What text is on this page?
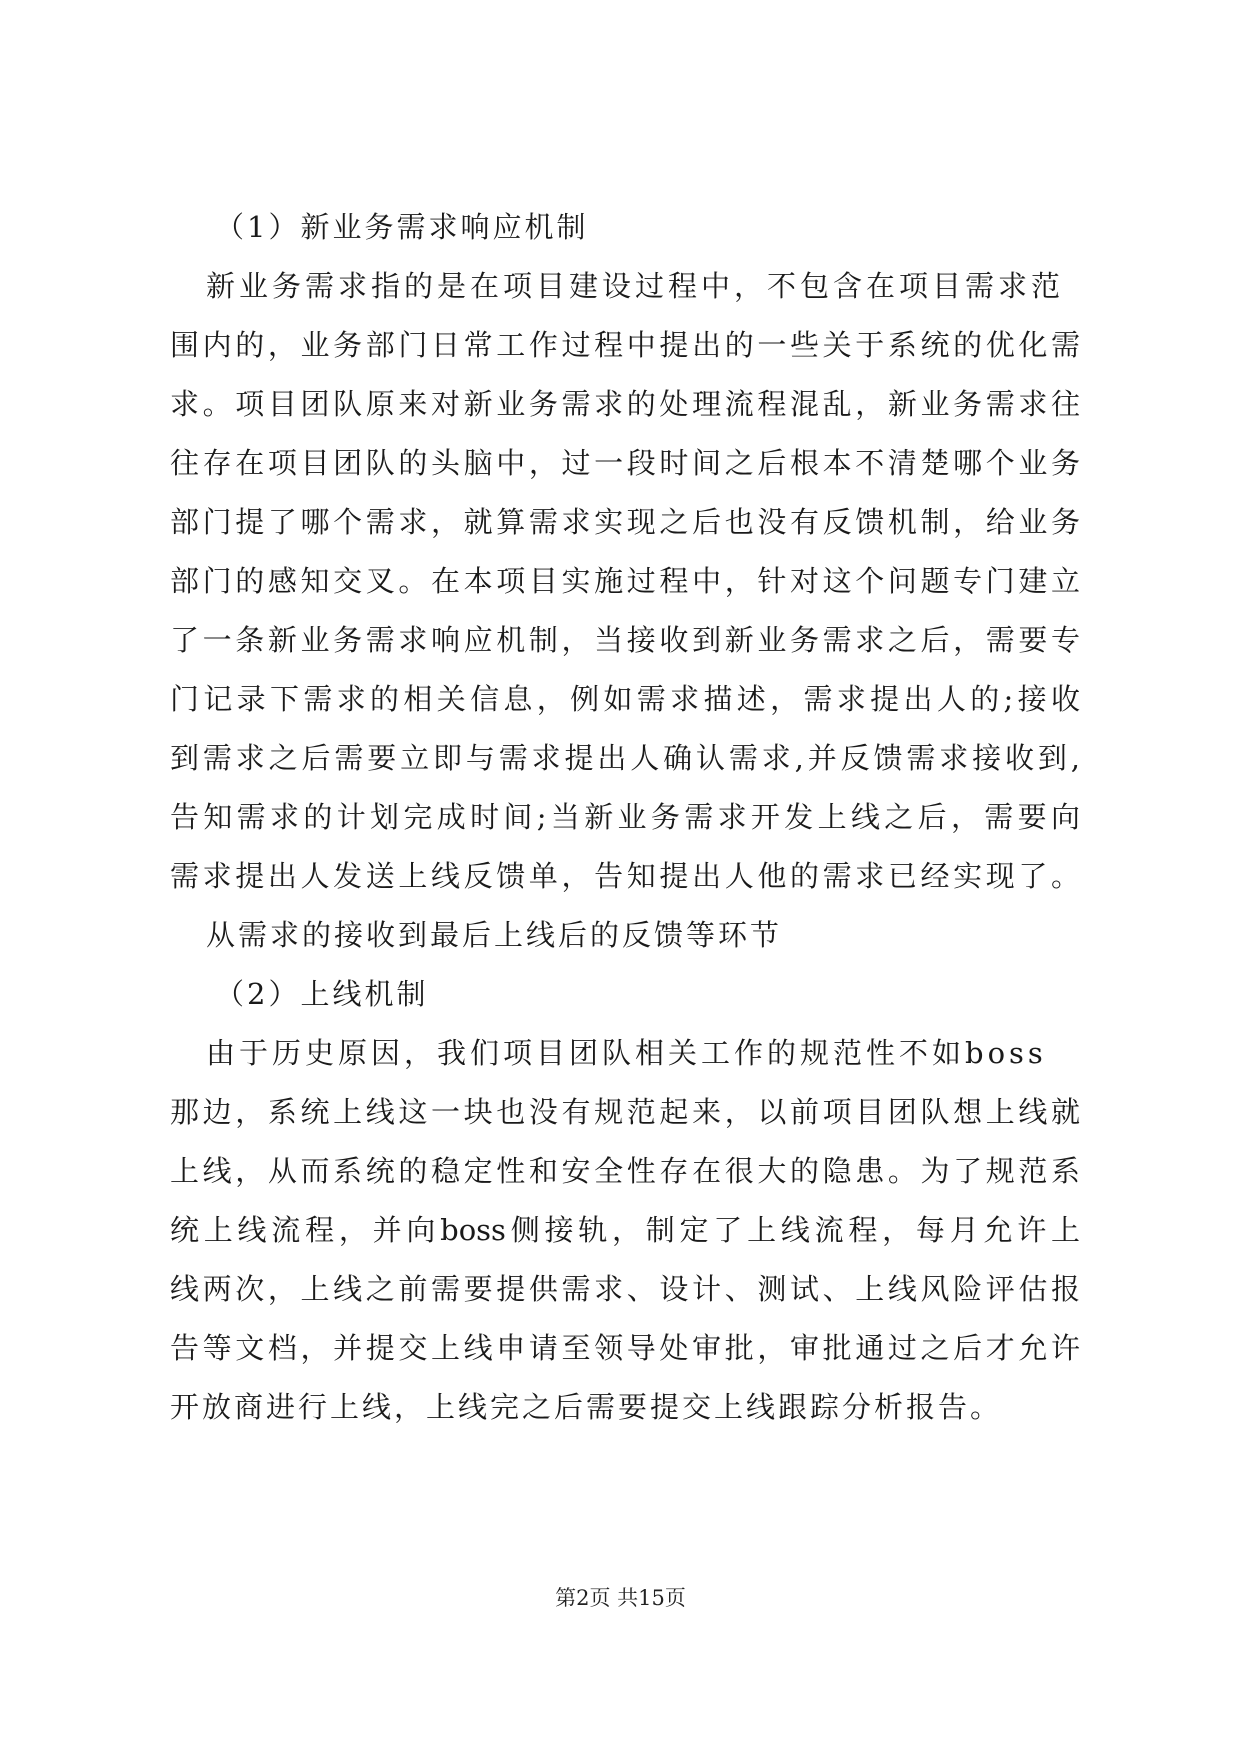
（1）新业务需求响应机制
新业务需求指的是在项目建设过程中，不包含在项目需求范
围内的，业务部门日常工作过程中提出的一些关于系统的优化需
求。项目团队原来对新业务需求的处理流程混乱，新业务需求往
往存在项目团队的头脑中，过一段时间之后根本不清楚哪个业务
部门提了哪个需求，就算需求实现之后也没有反馈机制，给业务
部门的感知交叉。在本项目实施过程中，针对这个问题专门建立
了一条新业务需求响应机制，当接收到新业务需求之后，需要专
门记录下需求的相关信息，例如需求描述，需求提出人的;接收
到需求之后需要立即与需求提出人确认需求,并反馈需求接收到,
告知需求的计划完成时间;当新业务需求开发上线之后，需要向
需求提出人发送上线反馈单，告知提出人他的需求已经实现了。
从需求的接收到最后上线后的反馈等环节
（2）上线机制
由于历史原因，我们项目团队相关工作的规范性不如boss
那边，系统上线这一块也没有规范起来，以前项目团队想上线就
上线，从而系统的稳定性和安全性存在很大的隐患。为了规范系
统上线流程，并向boss侧接轨，制定了上线流程，每月允许上
线两次，上线之前需要提供需求、设计、测试、上线风险评估报
告等文档，并提交上线申请至领导处审批，审批通过之后才允许
开放商进行上线，上线完之后需要提交上线跟踪分析报告。
第2页 共15页
